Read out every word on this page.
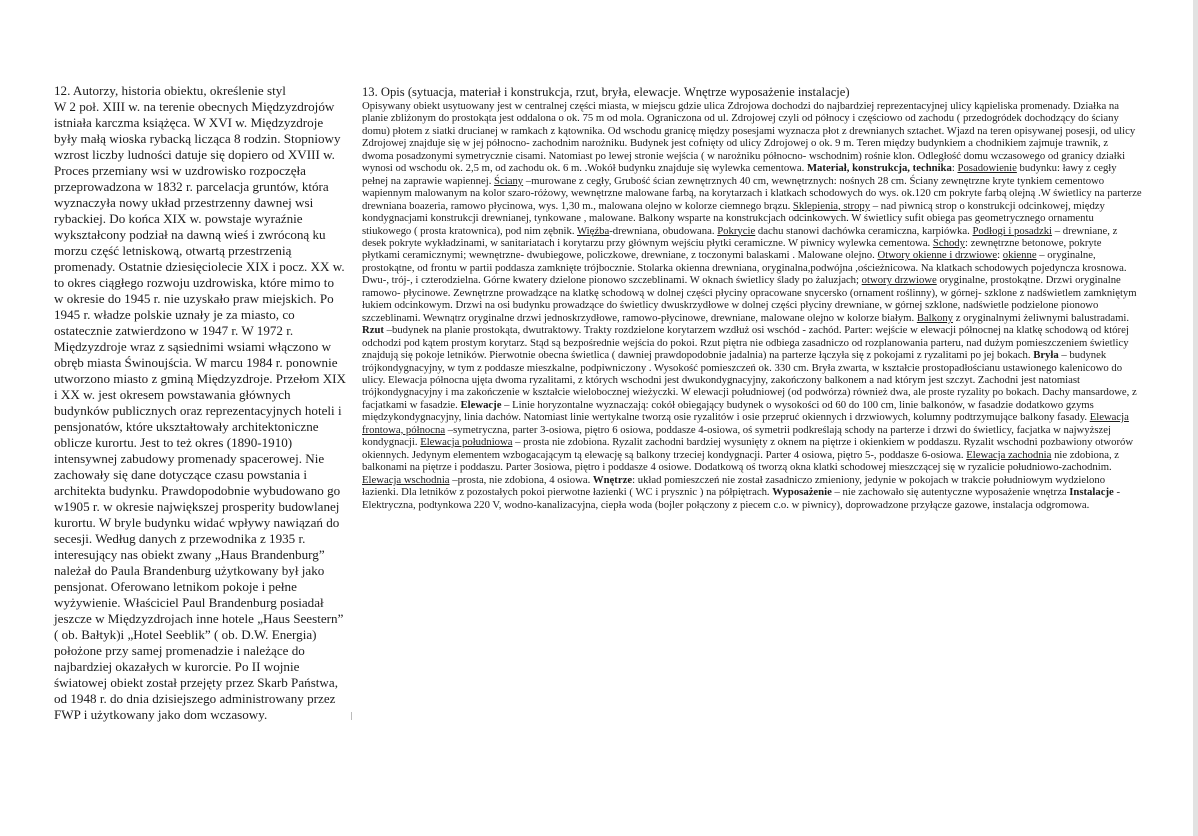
12. Autorzy, historia obiektu, określenie styl
W 2 poł. XIII w. na terenie obecnych Międzyzdrojów istniała karczma książęca. W XVI w. Międzyzdroje były małą wioska rybacką licząca 8 rodzin. Stopniowy wzrost liczby ludności datuje się dopiero od XVIII w. Proces przemiany wsi w uzdrowisko rozpoczęła przeprowadzona w 1832 r. parcelacja gruntów, która wyznaczyła nowy układ przestrzenny dawnej wsi rybackiej. Do końca XIX w. powstaje wyraźnie wykształcony podział na dawną wieś i zwróconą ku morzu część letniskową, otwartą przestrzenią promenady. Ostatnie dziesięciolecie XIX i pocz. XX w. to okres ciągłego rozwoju uzdrowiska, które mimo to w okresie do 1945 r. nie uzyskało praw miejskich. Po 1945 r. władze polskie uznały je za miasto, co ostatecznie zatwierdzono w 1947 r. W 1972 r. Międzyzdroje wraz z sąsiednimi wsiami włączono w obręb miasta Świnoujścia. W marcu 1984 r. ponownie utworzono miasto z gminą Międzyzdroje. Przełom XIX i XX w. jest okresem powstawania głównych budynków publicznych oraz reprezentacyjnych hoteli i pensjonatów, które ukształtowały architektoniczne oblicze kurortu. Jest to też okres (1890-1910) intensywnej zabudowy promenady spacerowej. Nie zachowały się dane dotyczące czasu powstania i architekta budynku. Prawdopodobnie wybudowano go w1905 r. w okresie największej prosperity budowlanej kurortu. W bryle budynku widać wpływy nawiązań do secesji. Według danych z przewodnika z 1935 r. interesujący nas obiekt zwany „Haus Brandenburg” należał do Paula Brandenburg użytkowany był jako pensjonat. Oferowano letnikom pokoje i pełne wyżywienie. Właściciel Paul Brandenburg posiadał jeszcze w Międzyzdrojach inne hotele „Haus Seestern” ( ob. Bałtyk)i „Hotel Seeblik” ( ob. D.W. Energia) położone przy samej promenadzie i należące do najbardziej okazałych w kurorcie. Po II wojnie światowej obiekt został przejęty przez Skarb Państwa, od 1948 r. do dnia dzisiejszego administrowany przez FWP i użytkowany jako dom wczasowy.
13. Opis (sytuacja, materiał i konstrukcja, rzut, bryła, elewacje. Wnętrze wyposażenie instalacje)
Opisywany obiekt usytuowany jest w centralnej części miasta, w miejscu gdzie ulica Zdrojowa dochodzi do najbardziej reprezentacyjnej ulicy kąpieliska promenady. Działka na planie zbliżonym do prostokąta jest oddalona o ok. 75 m od mola. Ograniczona od ul. Zdrojowej czyli od północy i częściowo od zachodu ( przedogródek dochodzący do ściany domu) płotem z siatki drucianej w ramkach z kątownika. Od wschodu granicę między posesjami wyznacza płot z drewnianych sztachet. Wjazd na teren opisywanej posesji, od ulicy Zdrojowej znajduje się w jej północno- zachodnim narożniku. Budynek jest cofnięty od ulicy Zdrojowej o ok. 9 m. Teren między budynkiem a chodnikiem zajmuje trawnik, z dwoma posadzonymi symetrycznie cisami. Natomiast po lewej stronie wejścia ( w narożniku północno- wschodnim) rośnie klon. Odległość domu wczasowego od granicy działki wynosi od wschodu ok. 2,5 m, od zachodu ok. 6 m. .Wokół budynku znajduje się wylewka cementowa. Materiał, konstrukcja, technika: Posadowienie budynku: ławy z cegły pełnej na zaprawie wapiennej. Ściany –murowane z cegły, Grubość ścian zewnętrznych 40 cm, wewnętrznych: nośnych 28 cm. Ściany zewnętrzne kryte tynkiem cementowo wapiennym malowanym na kolor szaro-różowy, wewnętrzne malowane farbą, na korytarzach i klatkach schodowych do wys. ok.120 cm pokryte farbą olejną .W świetlicy na parterze drewniana boazeria, ramowo płycinowa, wys. 1,30 m., malowana olejno w kolorze ciemnego brązu. Sklepienia, stropy – nad piwnicą strop o konstrukcji odcinkowej, między kondygnacjami konstrukcji drewnianej, tynkowane , malowane. Balkony wsparte na konstrukcjach odcinkowych. W świetlicy sufit obiega pas geometrycznego ornamentu stiukowego ( prosta kratownica), pod nim zębnik. Więźba-drewniana, obudowana. Pokrycie dachu stanowi dachówka ceramiczna, karpiówka. Podłogi i posadzki – drewniane, z desek pokryte wykładzinami, w sanitariatach i korytarzu przy głównym wejściu płytki ceramiczne. W piwnicy wylewka cementowa. Schody: zewnętrzne betonowe, pokryte płytkami ceramicznymi; wewnętrzne- dwubiegowe, policzkowe, drewniane, z toczonymi balaskami . Malowane olejno. Otwory okienne i drzwiowe: okienne – oryginalne, prostokątne, od frontu w partii poddasza zamknięte trójbocznie. Stolarka okienna drewniana, oryginalna,podwójna ,ościeżnicowa. Na klatkach schodowych pojedyncza krosnowa. Dwu-, trój-, i czterodzielna. Górne kwatery dzielone pionowo szczeblinami. W oknach świetlicy ślady po żaluzjach; otwory drzwiowe oryginalne, prostokątne. Drzwi oryginalne ramowo- płycinowe. Zewnętrzne prowadzące na klatkę schodową w dolnej części płyciny opracowane snycersko (ornament roślinny), w górnej- szklone z nadświetlem zamkniętym łukiem odcinkowym. Drzwi na osi budynku prowadzące do świetlicy dwuskrzydłowe w dolnej części płyciny drewniane, w górnej szklone, nadświetle podzielone pionowo szczeblinami. Wewnątrz oryginalne drzwi jednoskrzydłowe, ramowo-płycinowe, drewniane, malowane olejno w kolorze białym. Balkony z oryginalnymi żeliwnymi balustradami. Rzut –budynek na planie prostokąta, dwutraktowy. Trakty rozdzielone korytarzem wzdłuż osi wschód - zachód. Parter: wejście w elewacji północnej na klatkę schodową od której odchodzi pod kątem prostym korytarz. Stąd są bezpośrednie wejścia do pokoi. Rzut piętra nie odbiega zasadniczo od rozplanowania parteru, nad dużym pomieszczeniem świetlicy znajdują się pokoje letników. Pierwotnie obecna świetlica ( dawniej prawdopodobnie jadalnia) na parterze łączyła się z pokojami z ryzalitami po jej bokach. Bryła – budynek trójkondygnacyjny, w tym z poddasze mieszkalne, podpiwniczony . Wysokość pomieszczeń ok. 330 cm. Bryła zwarta, w kształcie prostopadłościanu ustawionego kalenicowo do ulicy. Elewacja północna ujęta dwoma ryzalitami, z których wschodni jest dwukondygnacyjny, zakończony balkonem a nad którym jest szczyt. Zachodni jest natomiast trójkondygnacyjny i ma zakończenie w kształcie wielobocznej wieżyczki. W elewacji południowej (od podwórza) również dwa, ale proste ryzality po bokach. Dachy mansardowe, z facjatkami w fasadzie. Elewacje – Linie horyzontalne wyznaczają: cokół obiegający budynek o wysokości od 60 do 100 cm, linie balkonów, w fasadzie dodatkowo gzyms międzykondygnacyjny, linia dachów. Natomiast linie wertykalne tworzą osie ryzalitów i osie przepruć okiennych i drzwiowych, kolumny podtrzymujące balkony fasady. Elewacja frontowa, północna –symetryczna, parter 3-osiowa, piętro 6 osiowa, poddasze 4-osiowa, oś symetrii podkreślają schody na parterze i drzwi do świetlicy, facjatka w najwyższej kondygnacji. Elewacja południowa – prosta nie zdobiona. Ryzalit zachodni bardziej wysunięty z oknem na piętrze i okienkiem w poddaszu. Ryzalit wschodni pozbawiony otworów okiennych. Jedynym elementem wzbogacającym tą elewację są balkony trzeciej kondygnacji. Parter 4 osiowa, piętro 5-, poddasze 6-osiowa. Elewacja zachodnia nie zdobiona, z balkonami na piętrze i poddaszu. Parter 3osiowa, piętro i poddasze 4 osiowe. Dodatkową oś tworzą okna klatki schodowej mieszczącej się w ryzalicie południowo-zachodnim. Elewacja wschodnia –prosta, nie zdobiona, 4 osiowa. Wnętrze: układ pomieszczeń nie został zasadniczo zmieniony, jedynie w pokojach w trakcie południowym wydzielono łazienki. Dla letników z pozostałych pokoi pierwotne łazienki ( WC i prysznic ) na półpiętrach. Wyposażenie – nie zachowało się autentyczne wyposażenie wnętrza Instalacje - Elektryczna, podtynkowa 220 V, wodno-kanalizacyjna, ciepła woda (bojler połączony z piecem c.o. w piwnicy), doprowadzone przyłącze gazowe, instalacja odgromowa.
